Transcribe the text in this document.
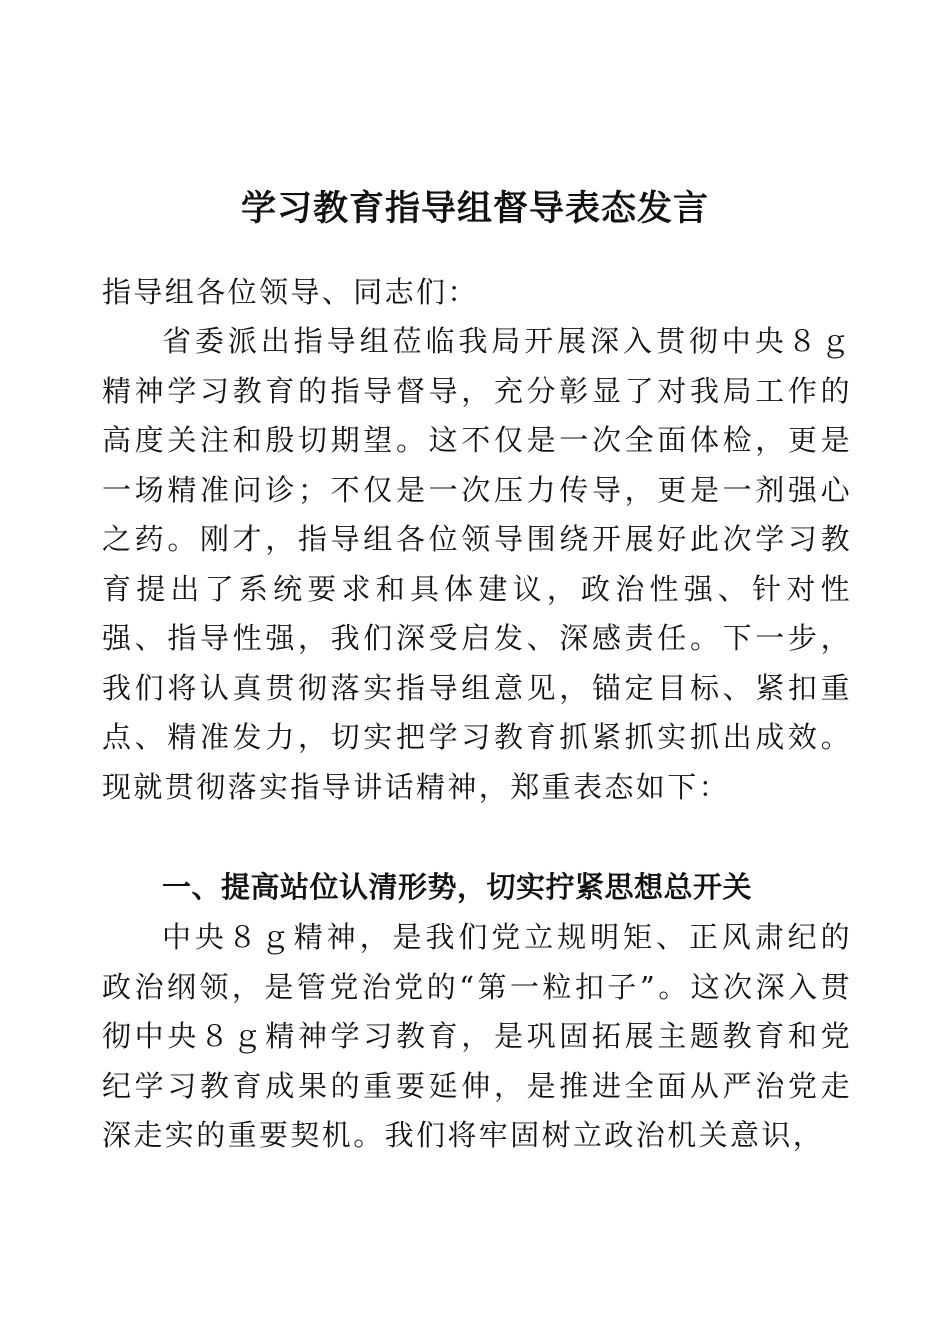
学习教育指导组督导表态发言

指导组各位领导、同志们：

省委派出指导组莅临我局开展深入贯彻中央８ｇ精神学习教育的指导督导，充分彰显了对我局工作的高度关注和殷切期望。这不仅是一次全面体检，更是一场精准问诊；不仅是一次压力传导，更是一剂强心之药。刚才，指导组各位领导围绕开展好此次学习教育提出了系统要求和具体建议，政治性强、针对性强、指导性强，我们深受启发、深感责任。下一步，我们将认真贯彻落实指导组意见，锚定目标、紧扣重点、精准发力，切实把学习教育抓紧抓实抓出成效。现就贯彻落实指导讲话精神，郑重表态如下：

一、提高站位认清形势，切实拧紧思想总开关

中央８ｇ精神，是我们党立规明矩、正风肃纪的政治纲领，是管党治党的“第一粒扣子”。这次深入贯彻中央８ｇ精神学习教育，是巩固拓展主题教育和党纪学习教育成果的重要延伸，是推进全面从严治党走深走实的重要契机。我们将牢固树立政治机关意识，
